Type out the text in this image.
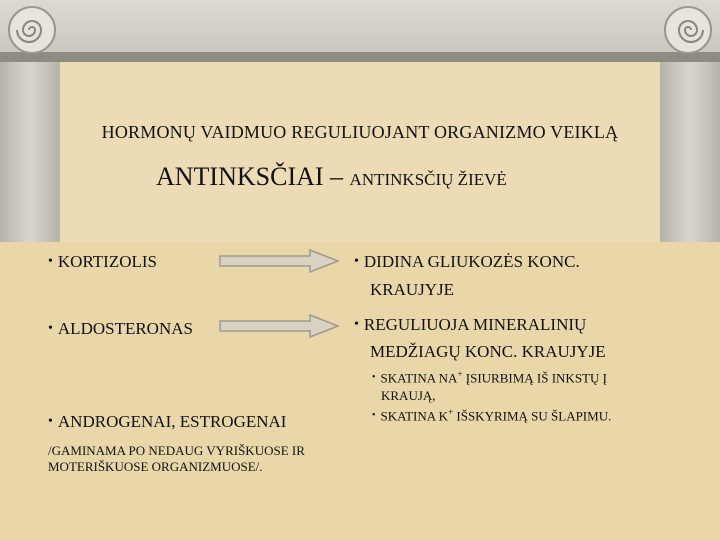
HORMONŲ VAIDMUO REGULIUOJANT ORGANIZMO VEIKLĄ
ANTINKSČIAI – ANTINKSČIŲ ŽIEVĖ
• KORTIZOLIS
• ALDOSTERONAS
• ANDROGENAI, ESTROGENAI
/GAMINAMA PO NEDAUG VYRIŠKUOSE IR
MOTERIŠKUOSE ORGANIZMUOSE/.
• DIDINA GLIUKOZĖS KONC.
KRAUJYJE
• REGULIUOJA MINERALINIŲ
MEDŽIAGŲ KONC. KRAUJYJE
• SKATINA NA+ ĮSIURBIMĄ IŠ INKSTŲ Į
KRAUJĄ,
• SKATINA K+ IŠSKYRIMĄ SU ŠLAPIMU.
